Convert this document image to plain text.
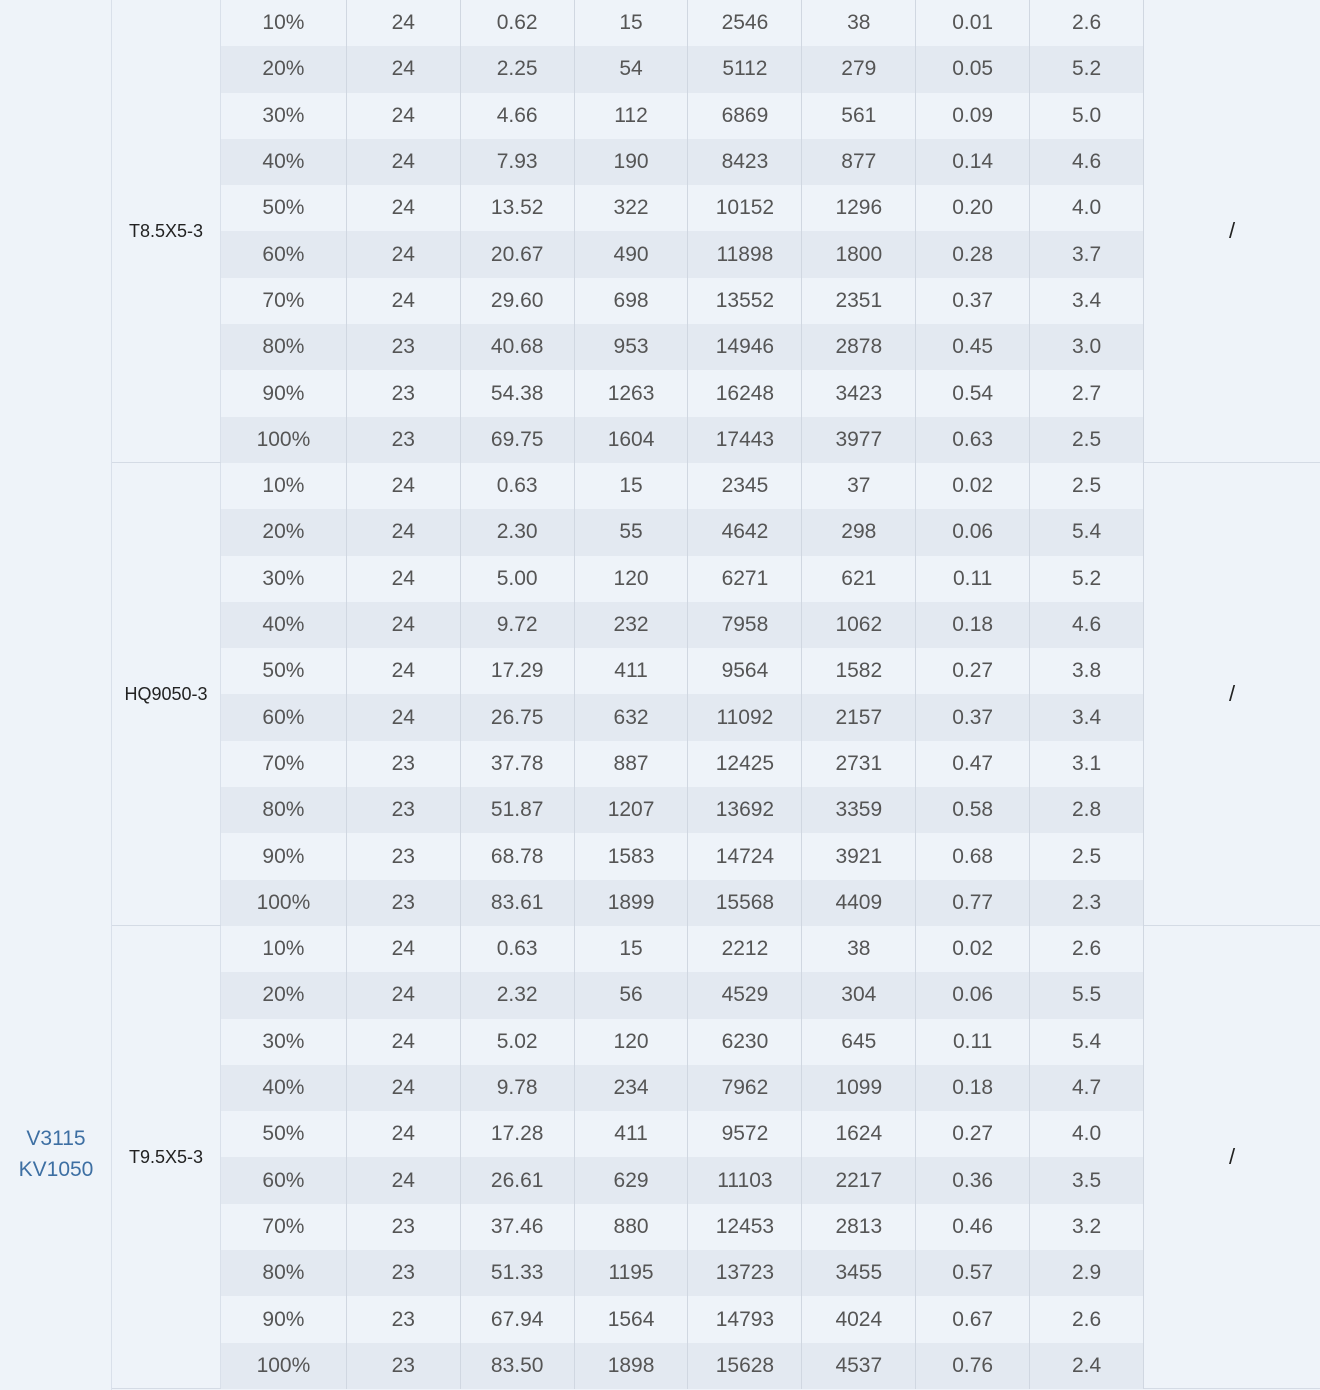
V3115
KV1050
T8.5X5-3
10%	24	0.62	15	2546	38	0.01	2.6
20%	24	2.25	54	5112	279	0.05	5.2
30%	24	4.66	112	6869	561	0.09	5.0
40%	24	7.93	190	8423	877	0.14	4.6
50%	24	13.52	322	10152	1296	0.20	4.0
60%	24	20.67	490	11898	1800	0.28	3.7
70%	24	29.60	698	13552	2351	0.37	3.4
80%	23	40.68	953	14946	2878	0.45	3.0
90%	23	54.38	1263	16248	3423	0.54	2.7
100%	23	69.75	1604	17443	3977	0.63	2.5
/
HQ9050-3
10%	24	0.63	15	2345	37	0.02	2.5
20%	24	2.30	55	4642	298	0.06	5.4
30%	24	5.00	120	6271	621	0.11	5.2
40%	24	9.72	232	7958	1062	0.18	4.6
50%	24	17.29	411	9564	1582	0.27	3.8
60%	24	26.75	632	11092	2157	0.37	3.4
70%	23	37.78	887	12425	2731	0.47	3.1
80%	23	51.87	1207	13692	3359	0.58	2.8
90%	23	68.78	1583	14724	3921	0.68	2.5
100%	23	83.61	1899	15568	4409	0.77	2.3
/
T9.5X5-3
10%	24	0.63	15	2212	38	0.02	2.6
20%	24	2.32	56	4529	304	0.06	5.5
30%	24	5.02	120	6230	645	0.11	5.4
40%	24	9.78	234	7962	1099	0.18	4.7
50%	24	17.28	411	9572	1624	0.27	4.0
60%	24	26.61	629	11103	2217	0.36	3.5
70%	23	37.46	880	12453	2813	0.46	3.2
80%	23	51.33	1195	13723	3455	0.57	2.9
90%	23	67.94	1564	14793	4024	0.67	2.6
100%	23	83.50	1898	15628	4537	0.76	2.4
/
